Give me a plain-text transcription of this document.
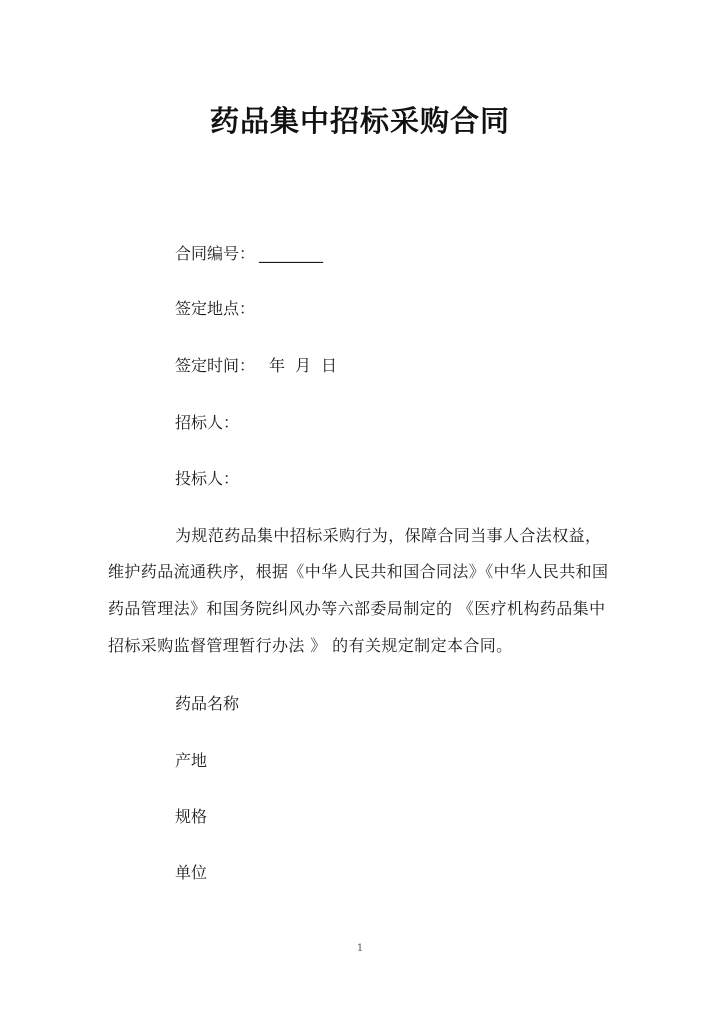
药品集中招标采购合同
合同编号： ________
签定地点：
签定时间： 年 月 日
招标人：
投标人：
为规范药品集中招标采购行为，保障合同当事人合法权益，
维护药品流通秩序，根据《中华人民共和国合同法》《中华人民共和国
药品管理法》和国务院纠风办等六部委局制定的 《医疗机构药品集中
招标采购监督管理暂行办法 》 的有关规定制定本合同。
药品名称
产地
规格
单位
1
